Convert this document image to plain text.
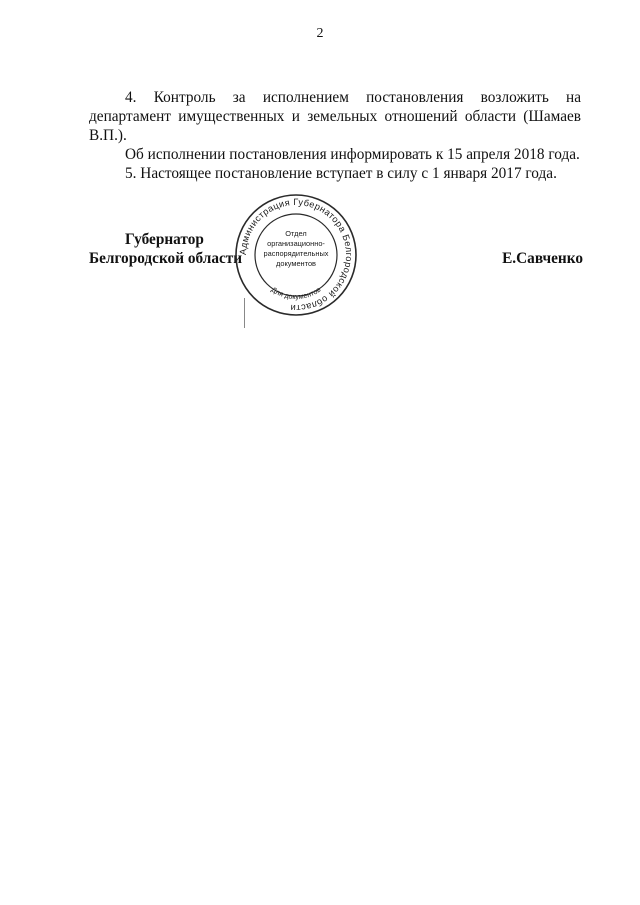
2

4. Контроль за исполнением постановления возложить на департамент имущественных и земельных отношений области (Шамаев В.П.).

Об исполнении постановления информировать к 15 апреля 2018 года.

5. Настоящее постановление вступает в силу с 1 января 2017 года.

Губернатор
Белгородской области	Е.Савченко
Администрация Губернатора Белгородской области
Отдел
организационно-
распорядительных
документов
Для документов
